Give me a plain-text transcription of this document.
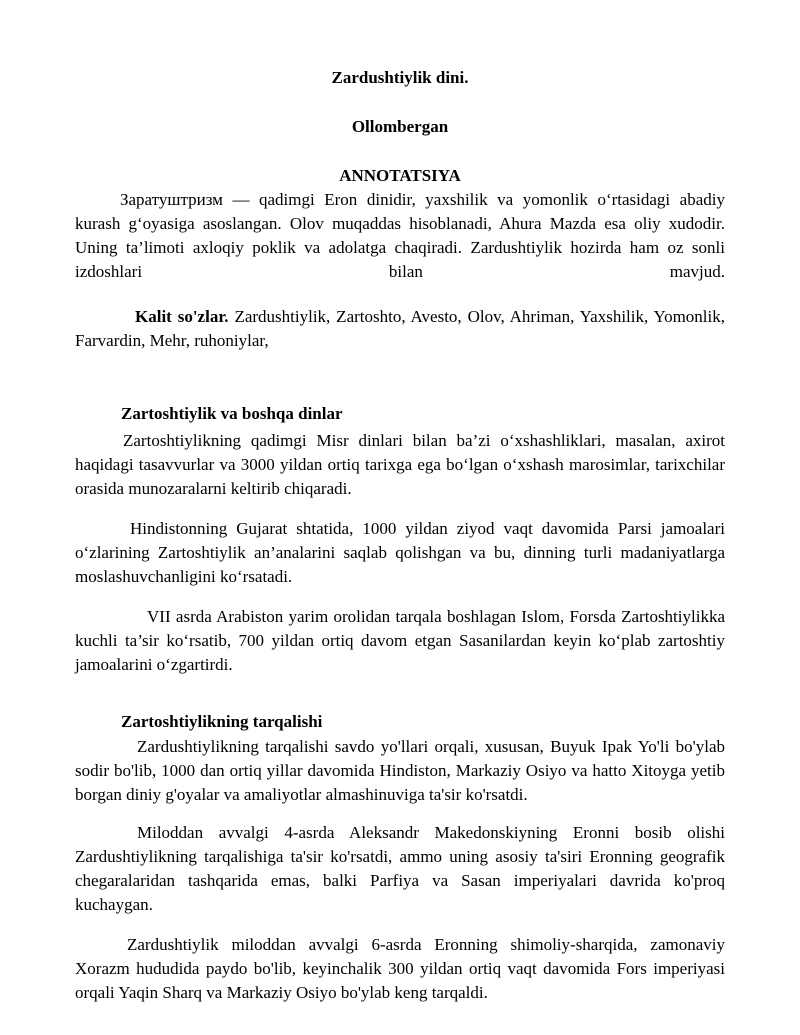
Zardushtiylik dini.
Ollombergan
ANNOTATSIYA
Заратуштризм — qadimgi Eron dinidir, yaxshilik va yomonlik o‘rtasidagi abadiy kurash g‘oyasiga asoslangan. Olov muqaddas hisoblanadi, Ahura Mazda esa oliy xudodir. Uning ta’limoti axloqiy poklik va adolatga chaqiradi. Zardushtiylik hozirda ham oz sonli izdoshlari bilan mavjud.
Kalit so'zlar. Zardushtiylik, Zartoshto, Avesto, Olov, Ahriman, Yaxshilik, Yomonlik, Farvardin, Mehr, ruhoniylar,
Zartoshtiylik va boshqa dinlar
Zartoshtiylikning qadimgi Misr dinlari bilan ba’zi o‘xshashliklari, masalan, axirot haqidagi tasavvurlar va 3000 yildan ortiq tarixga ega bo‘lgan o‘xshash marosimlar, tarixchilar orasida munozaralarni keltirib chiqaradi.
Hindistonning Gujarat shtatida, 1000 yildan ziyod vaqt davomida Parsi jamoalari o‘zlarining Zartoshtiylik an’analarini saqlab qolishgan va bu, dinning turli madaniyatlarga moslashuvchanligini ko‘rsatadi.
VII asrda Arabiston yarim orolidan tarqala boshlagan Islom, Forsda Zartoshtiylikka kuchli ta’sir ko‘rsatib, 700 yildan ortiq davom etgan Sasanilardan keyin ko‘plab zartoshtiy jamoalarini o‘zgartirdi.
Zartoshtiylikning tarqalishi
Zardushtiylikning tarqalishi savdo yo'llari orqali, xususan, Buyuk Ipak Yo'li bo'ylab sodir bo'lib, 1000 dan ortiq yillar davomida Hindiston, Markaziy Osiyo va hatto Xitoyga yetib borgan diniy g'oyalar va amaliyotlar almashinuviga ta'sir ko'rsatdi.
Miloddan avvalgi 4-asrda Aleksandr Makedonskiyning Eronni bosib olishi Zardushtiylikning tarqalishiga ta'sir ko'rsatdi, ammo uning asosiy ta'siri Eronning geografik chegaralaridan tashqarida emas, balki Parfiya va Sasan imperiyalari davrida ko'proq kuchaygan.
Zardushtiylik miloddan avvalgi 6-asrda Eronning shimoliy-sharqida, zamonaviy Xorazm hududida paydo bo'lib, keyinchalik 300 yildan ortiq vaqt davomida Fors imperiyasi orqali Yaqin Sharq va Markaziy Osiyo bo'ylab keng tarqaldi.
